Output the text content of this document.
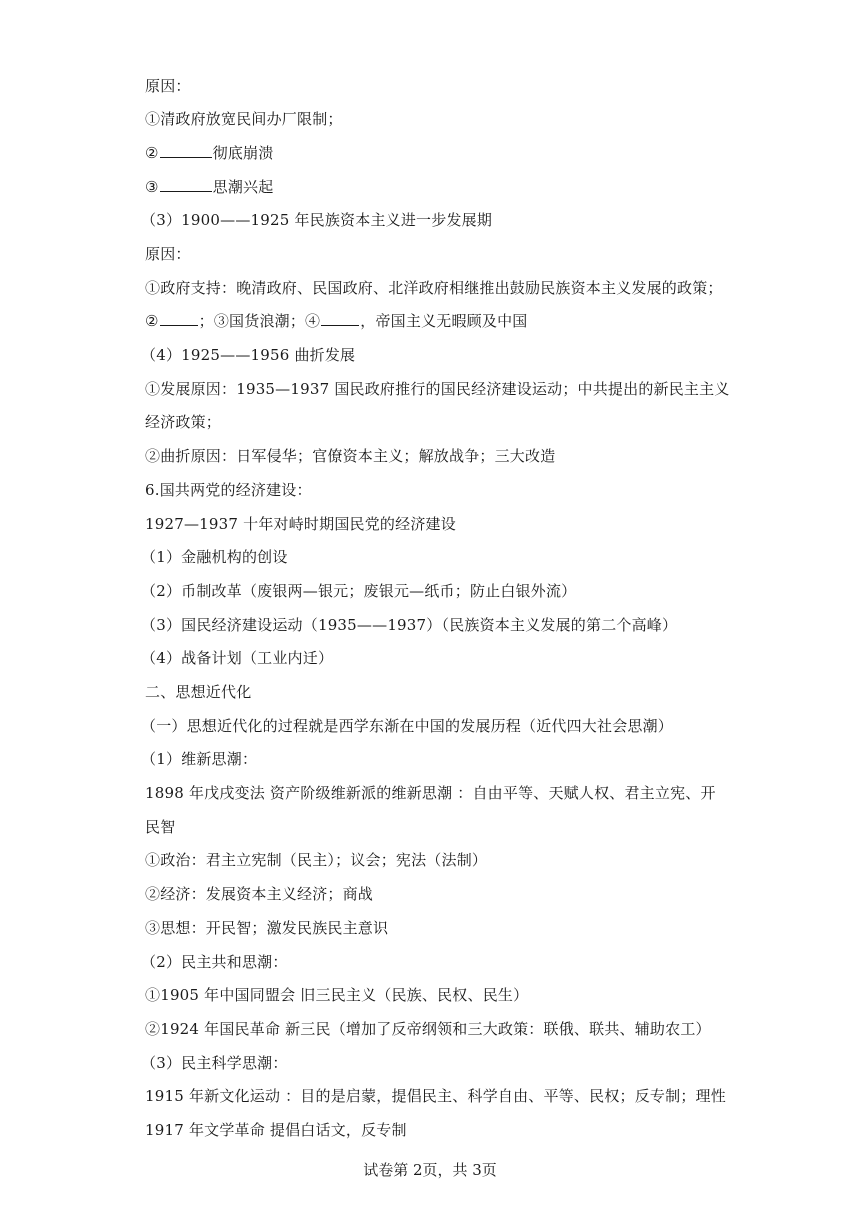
原因：
①清政府放宽民间办厂限制；
②	彻底崩溃
③	思潮兴起
（3）1900——1925 年民族资本主义进一步发展期
原因：
①政府支持：晚清政府、民国政府、北洋政府相继推出鼓励民族资本主义发展的政策；
②	；③国货浪潮；④	，帝国主义无暇顾及中国
（4）1925——1956 曲折发展
①发展原因：1935—1937 国民政府推行的国民经济建设运动；中共提出的新民主主义
经济政策；
②曲折原因：日军侵华；官僚资本主义；解放战争；三大改造
6.国共两党的经济建设：
1927—1937 十年对峙时期国民党的经济建设
（1）金融机构的创设
（2）币制改革（废银两—银元；废银元—纸币；防止白银外流）
（3）国民经济建设运动（1935——1937）（民族资本主义发展的第二个高峰）
（4）战备计划（工业内迁）
二、思想近代化
（一）思想近代化的过程就是西学东渐在中国的发展历程（近代四大社会思潮）
（1）维新思潮：
1898 年戊戌变法 资产阶级维新派的维新思潮 ：自由平等、天赋人权、君主立宪、开
民智
①政治：君主立宪制（民主）；议会；宪法（法制）
②经济：发展资本主义经济；商战
③思想：开民智；激发民族民主意识
（2）民主共和思潮：
①1905 年中国同盟会 旧三民主义（民族、民权、民生）
②1924 年国民革命 新三民（增加了反帝纲领和三大政策：联俄、联共、辅助农工）
（3）民主科学思潮：
1915 年新文化运动 ：目的是启蒙，提倡民主、科学自由、平等、民权；反专制；理性
1917 年文学革命 提倡白话文，反专制
试卷第 2页，共 3页
